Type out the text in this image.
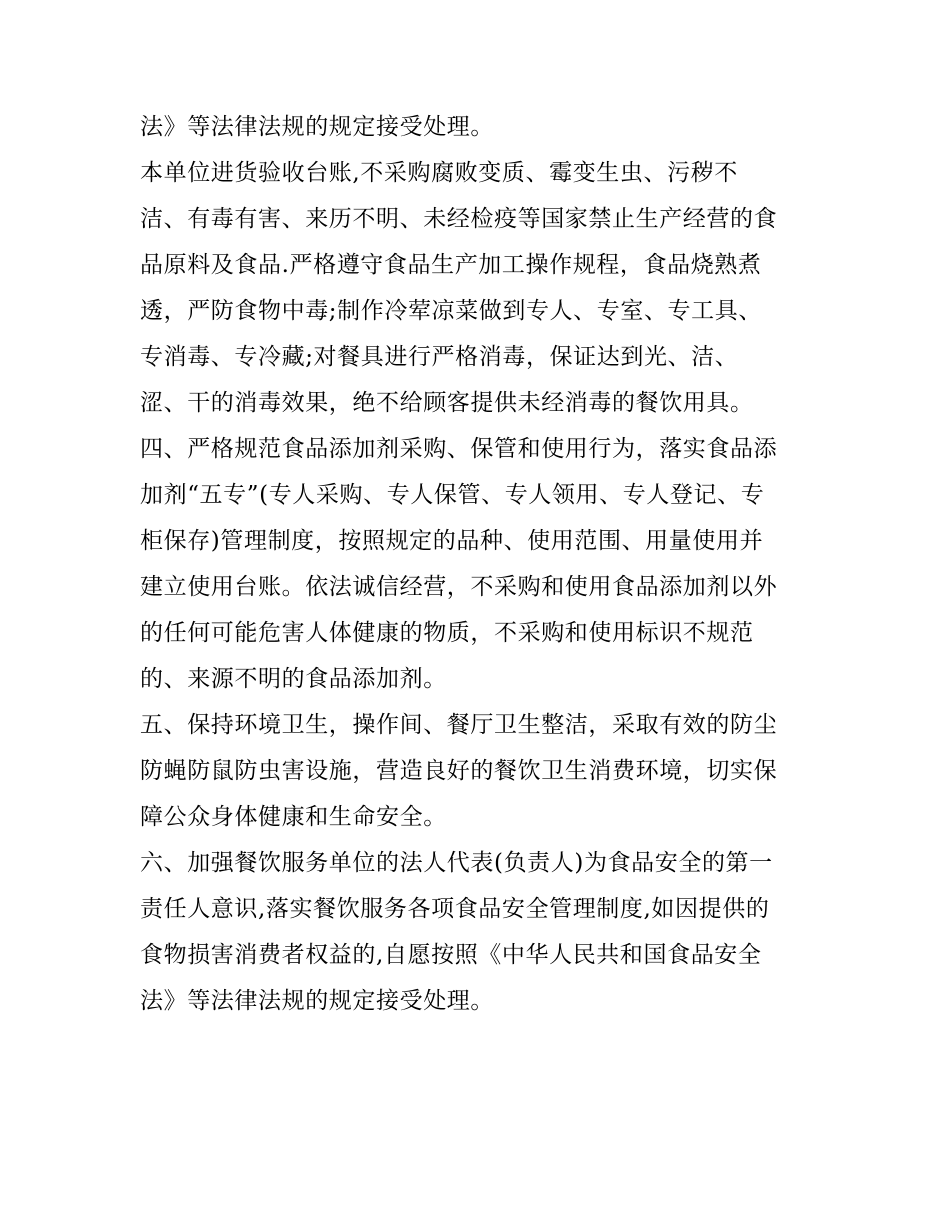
法》等法律法规的规定接受处理。
本单位进货验收台账,不采购腐败变质、霉变生虫、污秽不
洁、有毒有害、来历不明、未经检疫等国家禁止生产经营的食
品原料及食品.严格遵守食品生产加工操作规程，食品烧熟煮
透，严防食物中毒;制作冷荤凉菜做到专人、专室、专工具、
专消毒、专冷藏;对餐具进行严格消毒，保证达到光、洁、
涩、干的消毒效果，绝不给顾客提供未经消毒的餐饮用具。
四、严格规范食品添加剂采购、保管和使用行为，落实食品添
加剂“五专”(专人采购、专人保管、专人领用、专人登记、专
柜保存)管理制度，按照规定的品种、使用范围、用量使用并
建立使用台账。依法诚信经营，不采购和使用食品添加剂以外
的任何可能危害人体健康的物质，不采购和使用标识不规范
的、来源不明的食品添加剂。
五、保持环境卫生，操作间、餐厅卫生整洁，采取有效的防尘
防蝇防鼠防虫害设施，营造良好的餐饮卫生消费环境，切实保
障公众身体健康和生命安全。
六、加强餐饮服务单位的法人代表(负责人)为食品安全的第一
责任人意识,落实餐饮服务各项食品安全管理制度,如因提供的
食物损害消费者权益的,自愿按照《中华人民共和国食品安全
法》等法律法规的规定接受处理。
